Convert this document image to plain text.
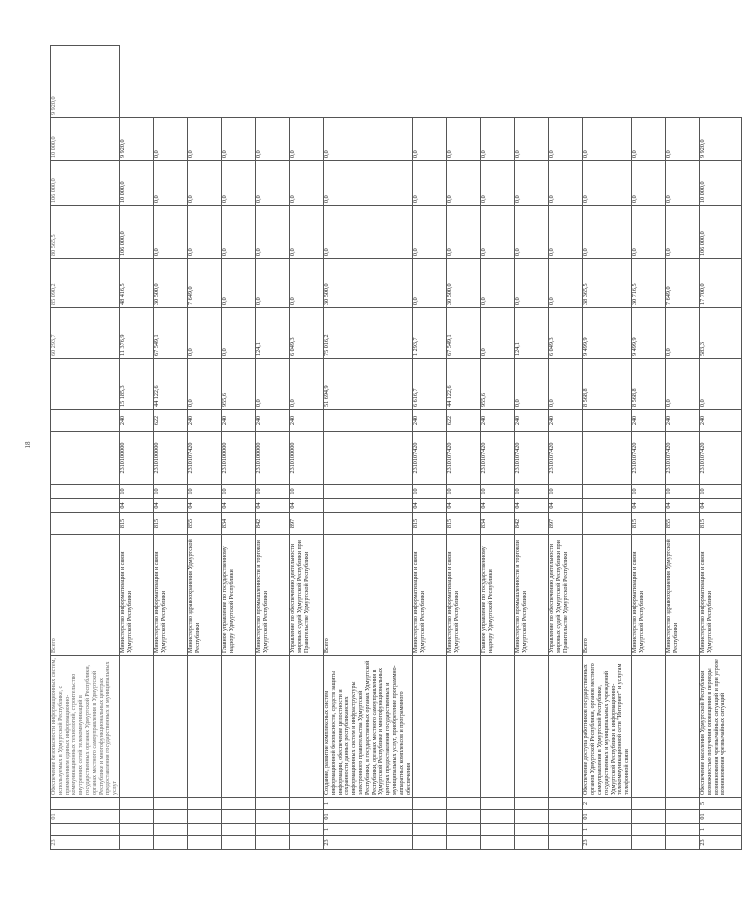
18
23		01		Обеспечение безопасности информационных систем, используемых в Удмуртской Республике, с применением единых информационно-коммуникационных технологий, строительство внутренних сетей телекоммуникаций в государственных органах Удмуртской Республики, органах местного самоуправления в Удмуртской Республике и многофункциональных центрах предоставления государственных и муниципальных услуг	Всего							60 293,7	85 090,2	80 565,5	106 000,0	10 000,0	9 920,0
					Министерство информатизации и связи Удмуртской Республики	815	04	10	2310100000	240	15 185,3	11 376,9	48 416,5	106 000,0	10 000,0	9 920,0	
					Министерство информатизации и связи Удмуртской Республики	815	04	10	2310100000	622	44 122,6	67 549,1	30 500,0	0,0	0,0	0,0	
					Министерство здравоохранения Удмуртской Республики	855	04	10	2310107420	240	0,0	0,0	7 649,0	0,0	0,0	0,0	
					Главное управление по государственному надзору Удмуртской Республики	834	04	10	2310100000	240	955,6	0,0	0,0	0,0	0,0	0,0	
					Министерство промышленности и торговли Удмуртской Республики	842	04	10	2310100000	240	0,0	124,1	0,0	0,0	0,0	0,0	
					Управление по обеспечению деятельности мировых судей Удмуртской Республики при Правительстве Удмуртской Республики	897	04	10	2310100000	240	0,0	6 049,3	0,0	0,0	0,0	0,0	
23	1	01	1	Создание, развитие комплексных систем информационной безопасности, средств защиты информации, обеспечение целостности и сохранности данных республиканских информационных систем и инфраструктуры электронного правительства Удмуртской Республики, в государственных органах Удмуртской Республики, органах местного самоуправления в Удмуртской Республике и многофункциональных центрах предоставления государственных и муниципальных услуг, приобретение программно-аппаратных комплексов и программного обеспечения	Всего						51 694,9	75 016,2	30 500,0	0,0	0,0	0,0	
					Министерство информатизации и связи Удмуртской Республики	815	04	10	2310107420	240	6 616,7	1 293,7	0,0	0,0	0,0	0,0	
					Министерство информатизации и связи Удмуртской Республики	815	04	10	2310107420	622	44 122,6	67 549,1	30 500,0	0,0	0,0	0,0	
					Главное управление по государственному надзору Удмуртской Республики	834	04	10	2310107420	240	955,6	0,0	0,0	0,0	0,0	0,0	
					Министерство промышленности и торговли Удмуртской Республики	842	04	10	2310107420	240	0,0	124,1	0,0	0,0	0,0	0,0	
					Управление по обеспечению деятельности мировых судей Удмуртской Республики при Правительстве Удмуртской Республики	897	04	10	2310107420	240	0,0	6 049,3	0,0	0,0	0,0	0,0	
23	1	01	2	Обеспечение доступа работников государственных органов Удмуртской Республики, органов местного самоуправления в Удмуртской Республике, государственных и муниципальных учреждений Удмуртской Республики к информационно-телекоммуникационной сети "Интернет" и услугам телефонной связи	Всего						8 568,8	9 499,9	38 365,5	0,0	0,0	0,0	
					Министерство информатизации и связи Удмуртской Республики	815	04	10	2310107420	240	8 568,8	9 499,9	30 716,5	0,0	0,0	0,0	
					Министерство здравоохранения Удмуртской Республики	855	04	10	2310107420	240	0,0	0,0	7 649,0	0,0	0,0	0,0	
23	1	01	5	Обеспечение населения Удмуртской Республики возможностью получения оповещения в периоды возникновения чрезвычайных ситуаций и при угрозе возникновения чрезвычайных ситуаций	Министерство информатизации и связи Удмуртской Республики	815	04	10	2310107420	240	0,0	583,3	17 700,0	106 000,0	10 000,0	9 920,0	
